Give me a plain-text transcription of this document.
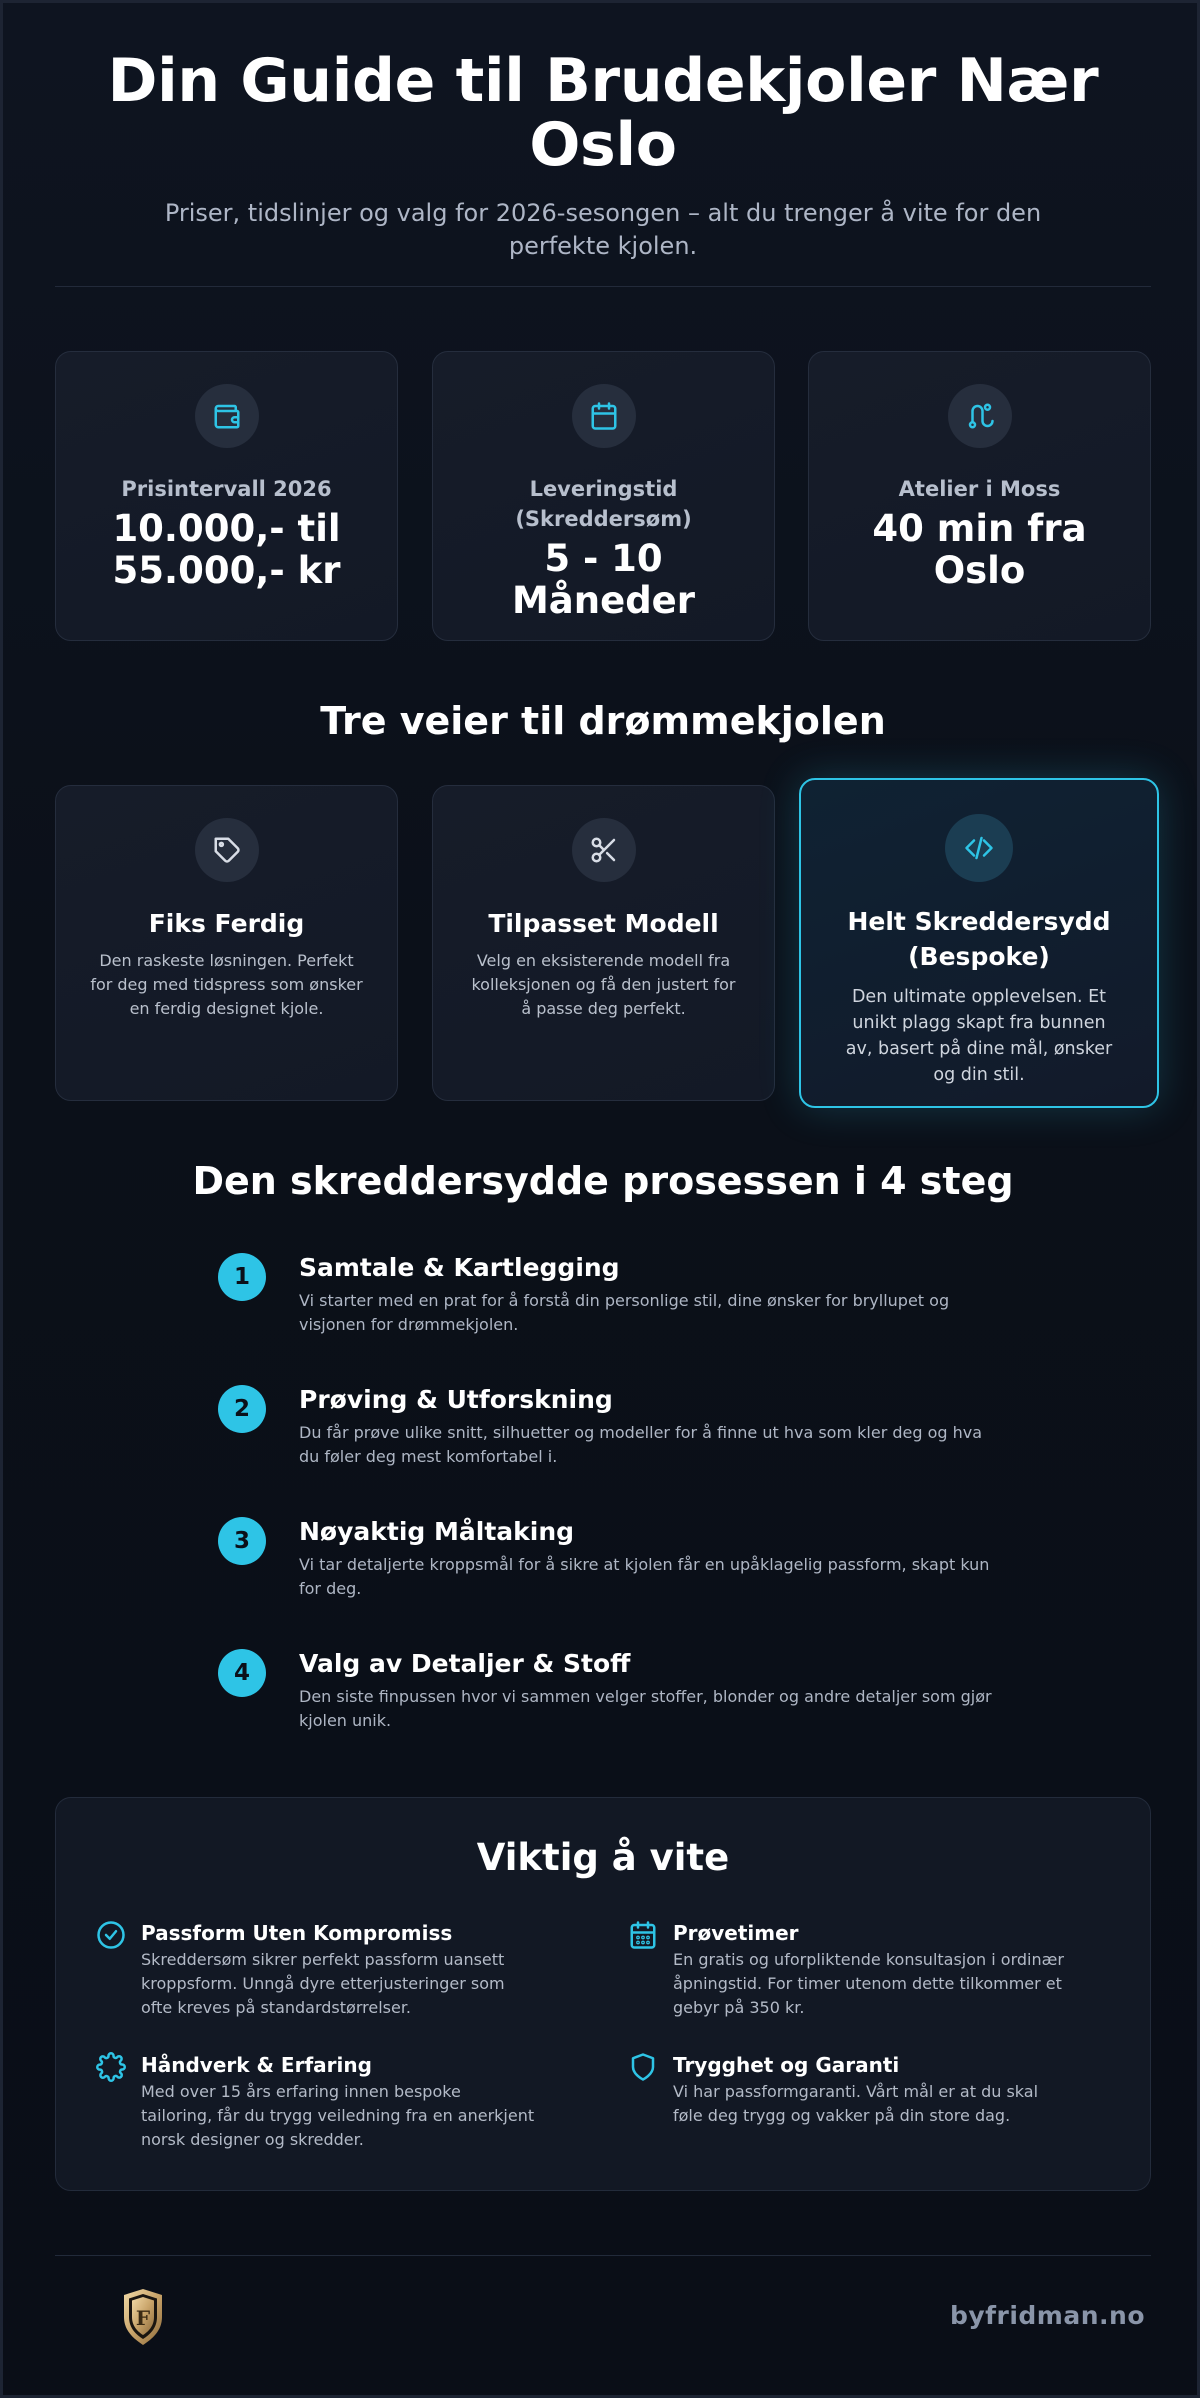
Din Guide til Brudekjoler Nær Oslo

Priser, tidslinjer og valg for 2026-sesongen – alt du trenger å vite for den perfekte kjolen.

Prisintervall 2026
10.000,- til 55.000,- kr
Leveringstid (Skreddersøm)
5 - 10 Måneder
Atelier i Moss
40 min fra Oslo
Tre veier til drømmekjolen
Fiks Ferdig
Den raskeste løsningen. Perfekt for deg med tidspress som ønsker en ferdig designet kjole.
Tilpasset Modell
Velg en eksisterende modell fra kolleksjonen og få den justert for å passe deg perfekt.
Helt Skreddersydd (Bespoke)
Den ultimate opplevelsen. Et unikt plagg skapt fra bunnen av, basert på dine mål, ønsker og din stil.
Den skreddersydde prosessen i 4 steg
1	Samtale & Kartlegging
Vi starter med en prat for å forstå din personlige stil, dine ønsker for bryllupet og visjonen for drømmekjolen.
2	Prøving & Utforskning
Du får prøve ulike snitt, silhuetter og modeller for å finne ut hva som kler deg og hva du føler deg mest komfortabel i.
3	Nøyaktig Måltaking
Vi tar detaljerte kroppsmål for å sikre at kjolen får en upåklagelig passform, skapt kun for deg.
4	Valg av Detaljer & Stoff
Den siste finpussen hvor vi sammen velger stoffer, blonder og andre detaljer som gjør kjolen unik.
Viktig å vite
Passform Uten Kompromiss
Skreddersøm sikrer perfekt passform uansett kroppsform. Unngå dyre etterjusteringer som ofte kreves på standardstørrelser.
Prøvetimer
En gratis og uforpliktende konsultasjon i ordinær åpningstid. For timer utenom dette tilkommer et gebyr på 350 kr.
Håndverk & Erfaring
Med over 15 års erfaring innen bespoke tailoring, får du trygg veiledning fra en anerkjent norsk designer og skredder.
Trygghet og Garanti
Vi har passformgaranti. Vårt mål er at du skal føle deg trygg og vakker på din store dag.
F	byfridman.no
